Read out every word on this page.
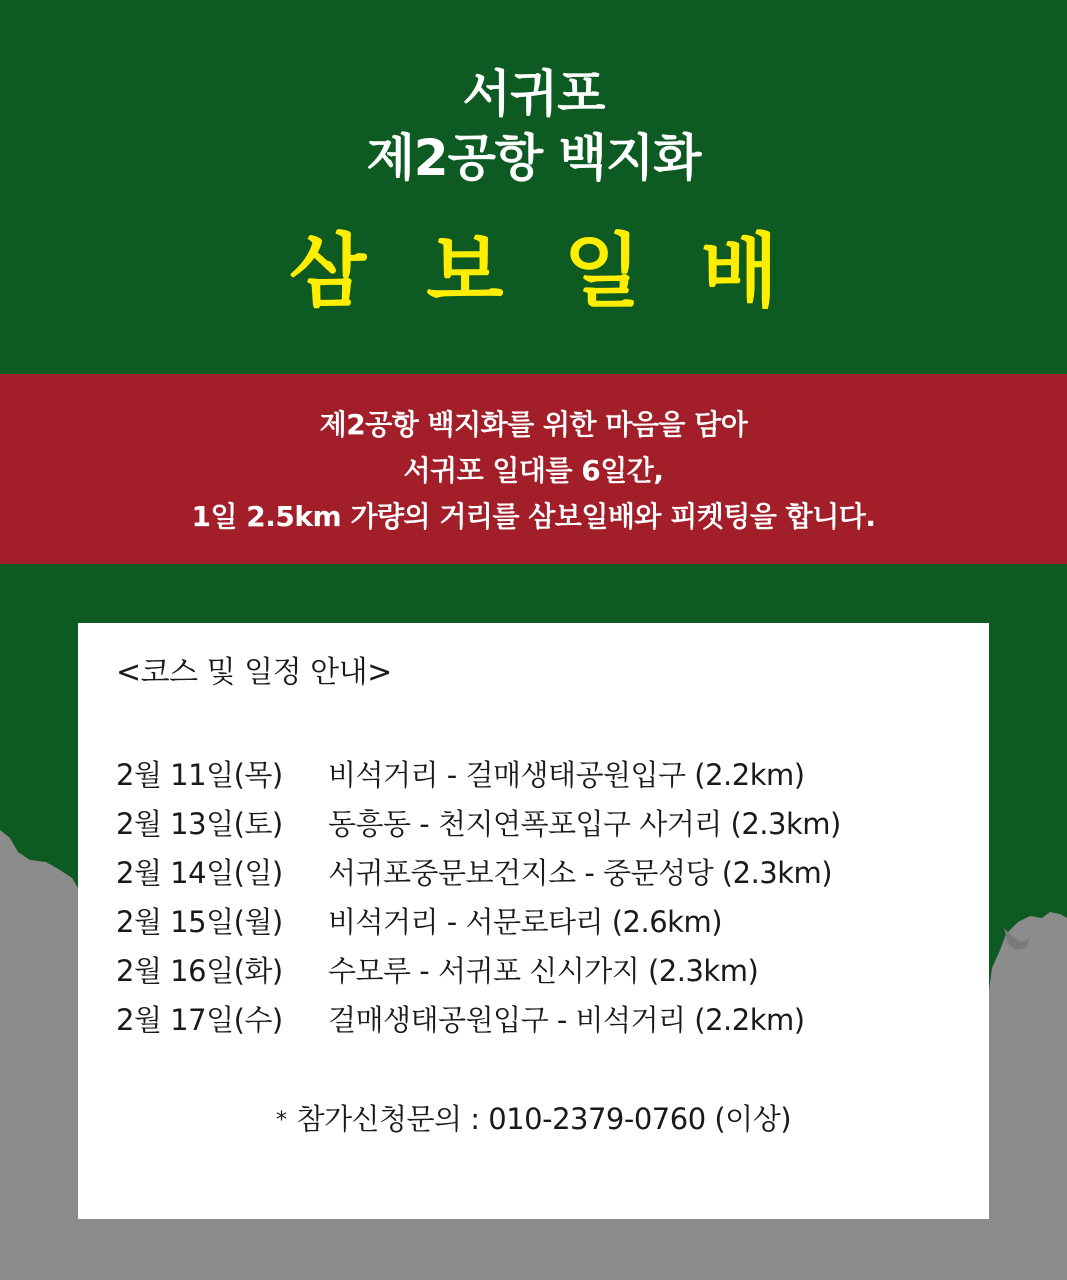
서귀포
제2공항 백지화
삼보일배
제2공항 백지화를 위한 마음을 담아
서귀포 일대를 6일간,
1일 2.5km 가량의 거리를 삼보일배와 피켓팅을 합니다.
<코스 및 일정 안내>
2월 11일(목)	비석거리 - 걸매생태공원입구 (2.2km)
2월 13일(토)	동흥동 - 천지연폭포입구 사거리 (2.3km)
2월 14일(일)	서귀포중문보건지소 - 중문성당 (2.3km)
2월 15일(월)	비석거리 - 서문로타리 (2.6km)
2월 16일(화)	수모루 - 서귀포 신시가지 (2.3km)
2월 17일(수)	걸매생태공원입구 - 비석거리 (2.2km)
* 참가신청문의 : 010-2379-0760 (이상)
